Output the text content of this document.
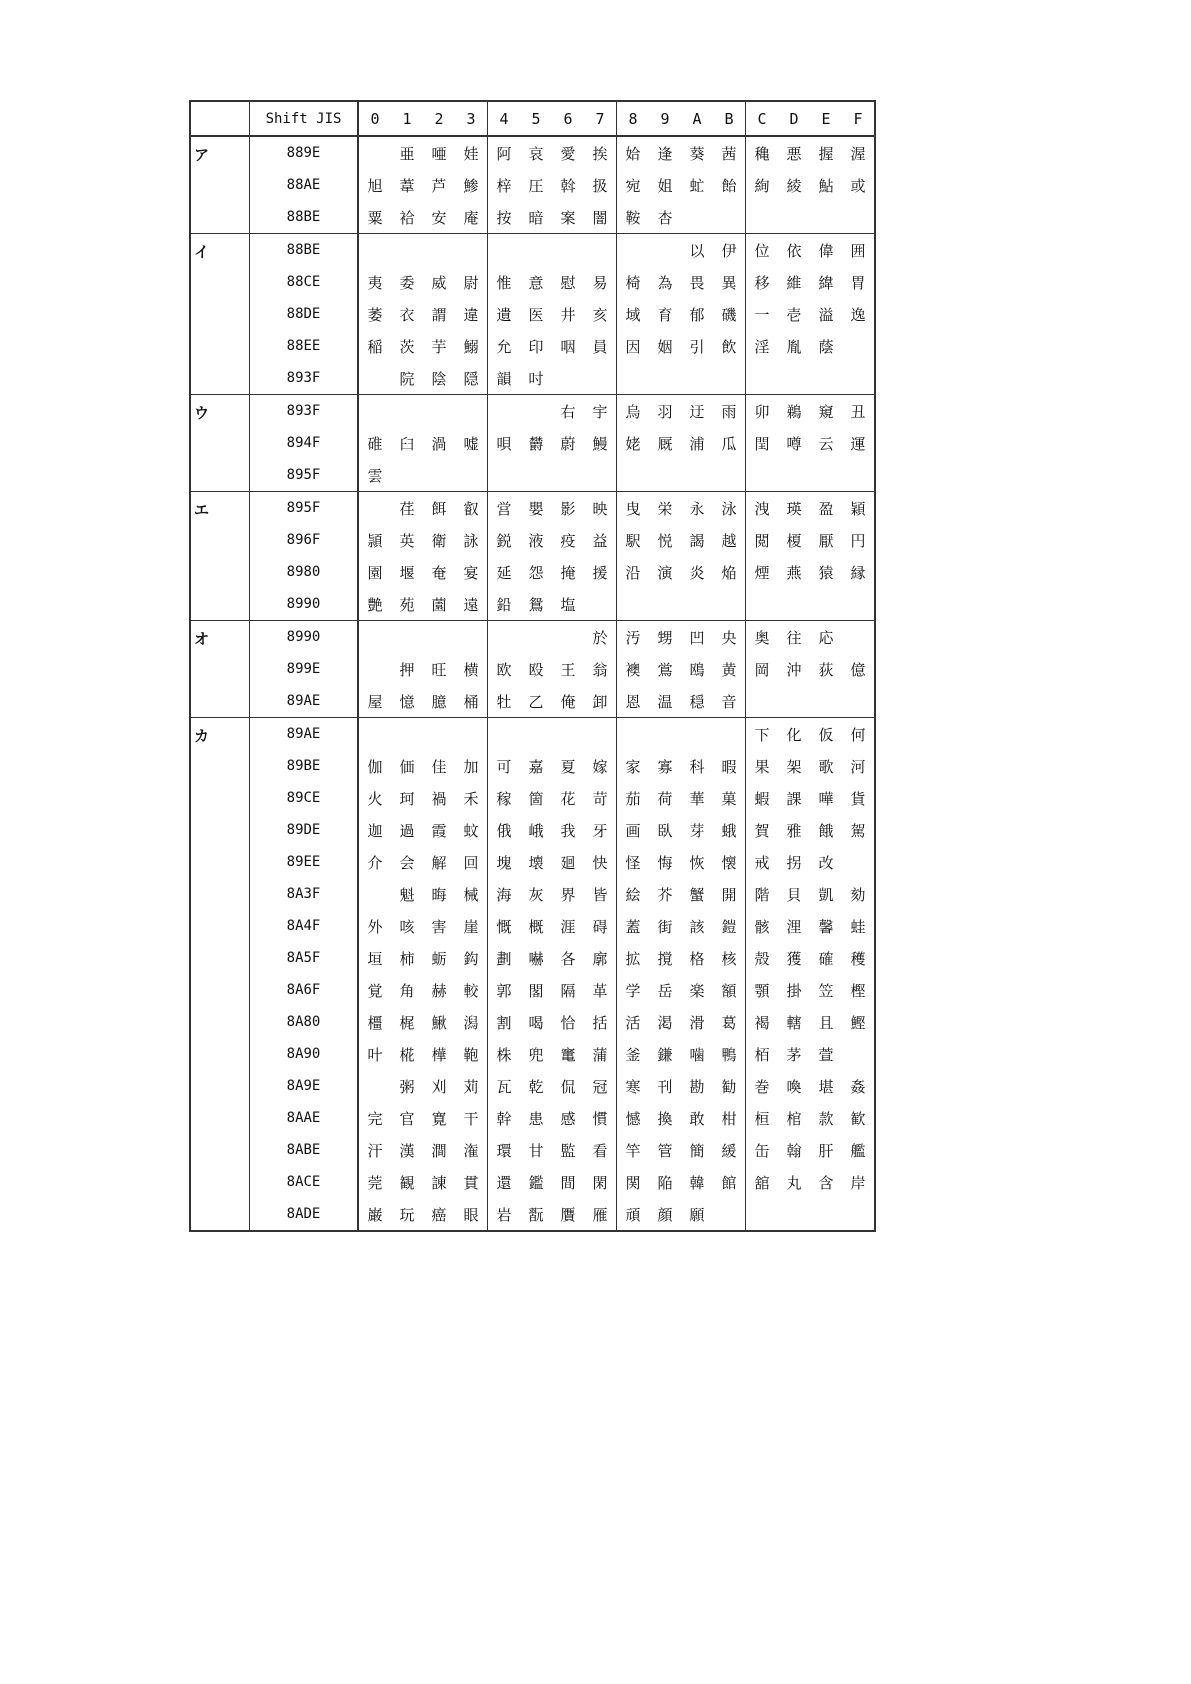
	Shift JIS	0	1	2	3	4	5	6	7	8	9	A	B	C	D	E	F
ア	889E		亜	唖	娃	阿	哀	愛	挨	姶	逢	葵	茜	穐	悪	握	渥
	88AE	旭	葦	芦	鯵	梓	圧	斡	扱	宛	姐	虻	飴	絢	綾	鮎	或
	88BE	粟	袷	安	庵	按	暗	案	闇	鞍	杏						
イ	88BE											以	伊	位	依	偉	囲
	88CE	夷	委	威	尉	惟	意	慰	易	椅	為	畏	異	移	維	緯	胃
	88DE	萎	衣	謂	違	遺	医	井	亥	域	育	郁	磯	一	壱	溢	逸
	88EE	稲	茨	芋	鰯	允	印	咽	員	因	姻	引	飲	淫	胤	蔭	
	893F		院	陰	隠	韻	吋										
ウ	893F							右	宇	烏	羽	迂	雨	卯	鵜	窺	丑
	894F	碓	臼	渦	嘘	唄	欝	蔚	鰻	姥	厩	浦	瓜	閏	噂	云	運
	895F	雲															
エ	895F		荏	餌	叡	営	嬰	影	映	曳	栄	永	泳	洩	瑛	盈	穎
	896F	頴	英	衛	詠	鋭	液	疫	益	駅	悦	謁	越	閲	榎	厭	円
	8980	園	堰	奄	宴	延	怨	掩	援	沿	演	炎	焔	煙	燕	猿	縁
	8990	艶	苑	薗	遠	鉛	鴛	塩									
オ	8990								於	汚	甥	凹	央	奥	往	応	
	899E		押	旺	横	欧	殴	王	翁	襖	鴬	鴎	黄	岡	沖	荻	億
	89AE	屋	憶	臆	桶	牡	乙	俺	卸	恩	温	穏	音				
カ	89AE													下	化	仮	何
	89BE	伽	価	佳	加	可	嘉	夏	嫁	家	寡	科	暇	果	架	歌	河
	89CE	火	珂	禍	禾	稼	箇	花	苛	茄	荷	華	菓	蝦	課	嘩	貨
	89DE	迦	過	霞	蚊	俄	峨	我	牙	画	臥	芽	蛾	賀	雅	餓	駕
	89EE	介	会	解	回	塊	壊	廻	快	怪	悔	恢	懐	戒	拐	改	
	8A3F		魁	晦	械	海	灰	界	皆	絵	芥	蟹	開	階	貝	凱	劾
	8A4F	外	咳	害	崖	慨	概	涯	碍	蓋	街	該	鎧	骸	浬	馨	蛙
	8A5F	垣	柿	蛎	鈎	劃	嚇	各	廓	拡	撹	格	核	殻	獲	確	穫
	8A6F	覚	角	赫	較	郭	閣	隔	革	学	岳	楽	額	顎	掛	笠	樫
	8A80	橿	梶	鰍	潟	割	喝	恰	括	活	渇	滑	葛	褐	轄	且	鰹
	8A90	叶	椛	樺	鞄	株	兜	竃	蒲	釜	鎌	噛	鴨	栢	茅	萱	
	8A9E		粥	刈	苅	瓦	乾	侃	冠	寒	刊	勘	勧	巻	喚	堪	姦
	8AAE	完	官	寛	干	幹	患	感	慣	憾	換	敢	柑	桓	棺	款	歓
	8ABE	汗	漢	澗	潅	環	甘	監	看	竿	管	簡	緩	缶	翰	肝	艦
	8ACE	莞	観	諌	貫	還	鑑	間	閑	関	陥	韓	館	舘	丸	含	岸
	8ADE	巌	玩	癌	眼	岩	翫	贋	雁	頑	顔	願					
